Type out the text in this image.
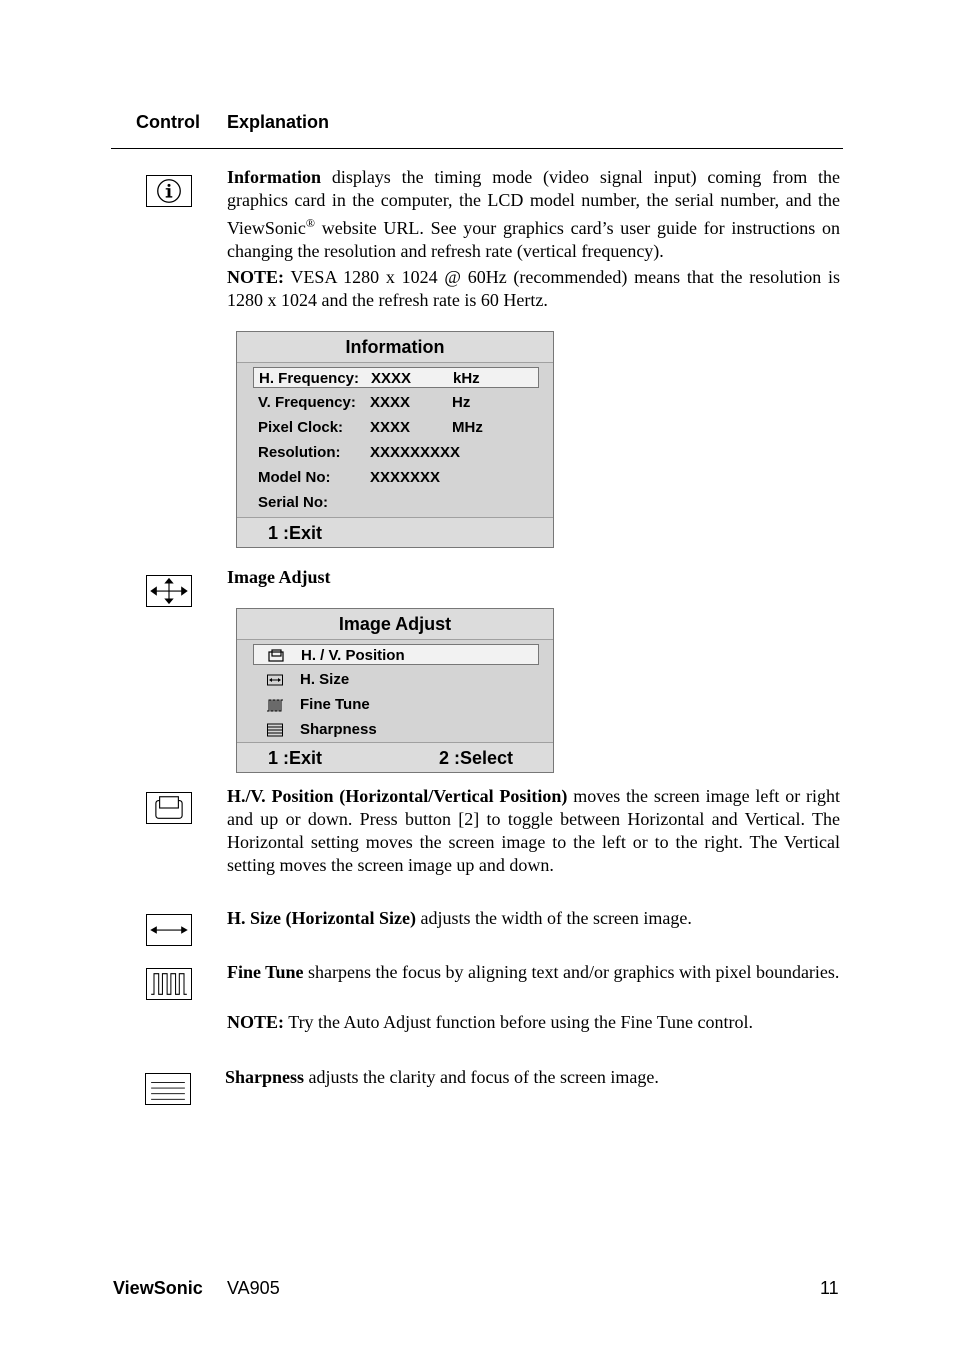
Control Explanation
Information displays the timing mode (video signal input) coming from the graphics card in the computer, the LCD model number, the serial number, and the ViewSonic® website URL. See your graphics card’s user guide for instructions on changing the resolution and refresh rate (vertical frequency).
NOTE: VESA 1280 x 1024 @ 60Hz (recommended) means that the resolution is 1280 x 1024 and the refresh rate is 60 Hertz.
Information
H. Frequency: XXXX	kHz
V. Frequency: XXXX	Hz
Pixel Clock: XXXX	MHz
Resolution: XXXXXXXXX
Model No:	XXXXXXX
Serial No:
1 :Exit
Image Adjust
Image Adjust
H. / V. Position
H. Size
Fine Tune
Sharpness
1 :Exit	2 :Select
H./V. Position (Horizontal/Vertical Position) moves the screen image left or right and up or down. Press button [2] to toggle between Horizontal and Vertical. The Horizontal setting moves the screen image to the left or to the right. The Vertical setting moves the screen image up and down.
H. Size (Horizontal Size) adjusts the width of the screen image.
Fine Tune sharpens the focus by aligning text and/or graphics with pixel boundaries.
NOTE: Try the Auto Adjust function before using the Fine Tune control.
Sharpness adjusts the clarity and focus of the screen image.
ViewSonic VA905	11
